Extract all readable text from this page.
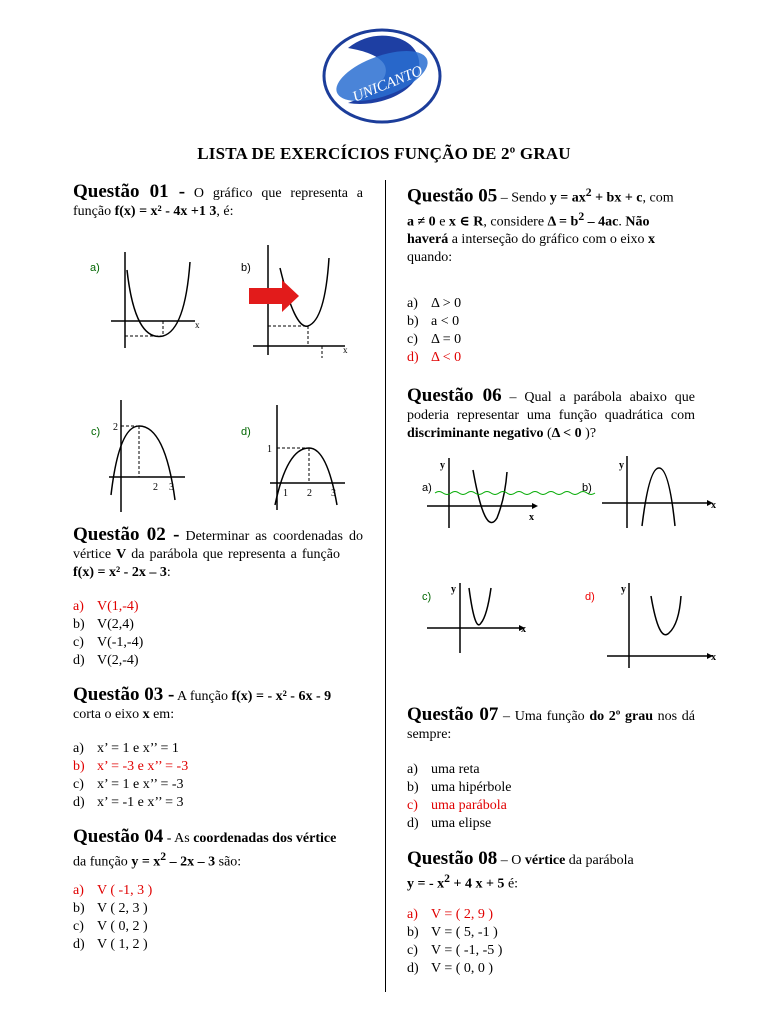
UNICANTO
LISTA DE EXERCÍCIOS FUNÇÃO DE 2º GRAU
Questão 01 - O gráfico que representa a função f(x) = x² - 4x +1 3, é:
a)
x
b)
x
c) 2
2 3
d)
1
1 2 3
Questão 02 - Determinar as coordenadas do vértice V da parábola que representa a função f(x) = x² - 2x – 3:
a) V(1,-4)
b) V(2,4)
c) V(-1,-4)
d) V(2,-4)
Questão 03 - A função f(x) = - x² - 6x - 9
corta o eixo x em:
a) x’ = 1 e x’’ = 1
b) x’ = -3 e x’’ = -3
c) x’ = 1 e x’’ = -3
d) x’ = -1 e x’’ = 3
Questão 04 - As coordenadas dos vértice
da função $y = x^2 - 2x - 3$ são:
a) V ( -1, 3 )
b) V ( 2, 3 )
c) V ( 0, 2 )
d) V ( 1, 2 )
Questão 05 – Sendo $y = ax^2$ + bx + c, com
a ≠ 0 e x ∈ R, considere $\Delta = b^2 - 4ac$. Não
haverá a interseção do gráfico com o eixo x
quando:
a) Δ > 0
b) a < 0
c) Δ = 0
d) Δ < 0
Questão 06 – Qual a parábola abaixo que poderia representar uma função quadrática com discriminante negativo (Δ < 0 )?
a)
y
x
b)
y
x
c)
y
x
d)
y
x
Questão 07 – Uma função do 2º grau nos dá sempre:
a) uma reta
b) uma hipérbole
c) uma parábola
d) uma elipse
Questão 08 – O vértice da parábola
y = - $x^2 + 4$ x + 5 é:
a) V = ( 2, 9 )
b) V = ( 5, -1 )
c) V = ( -1, -5 )
d) V = ( 0, 0 )
